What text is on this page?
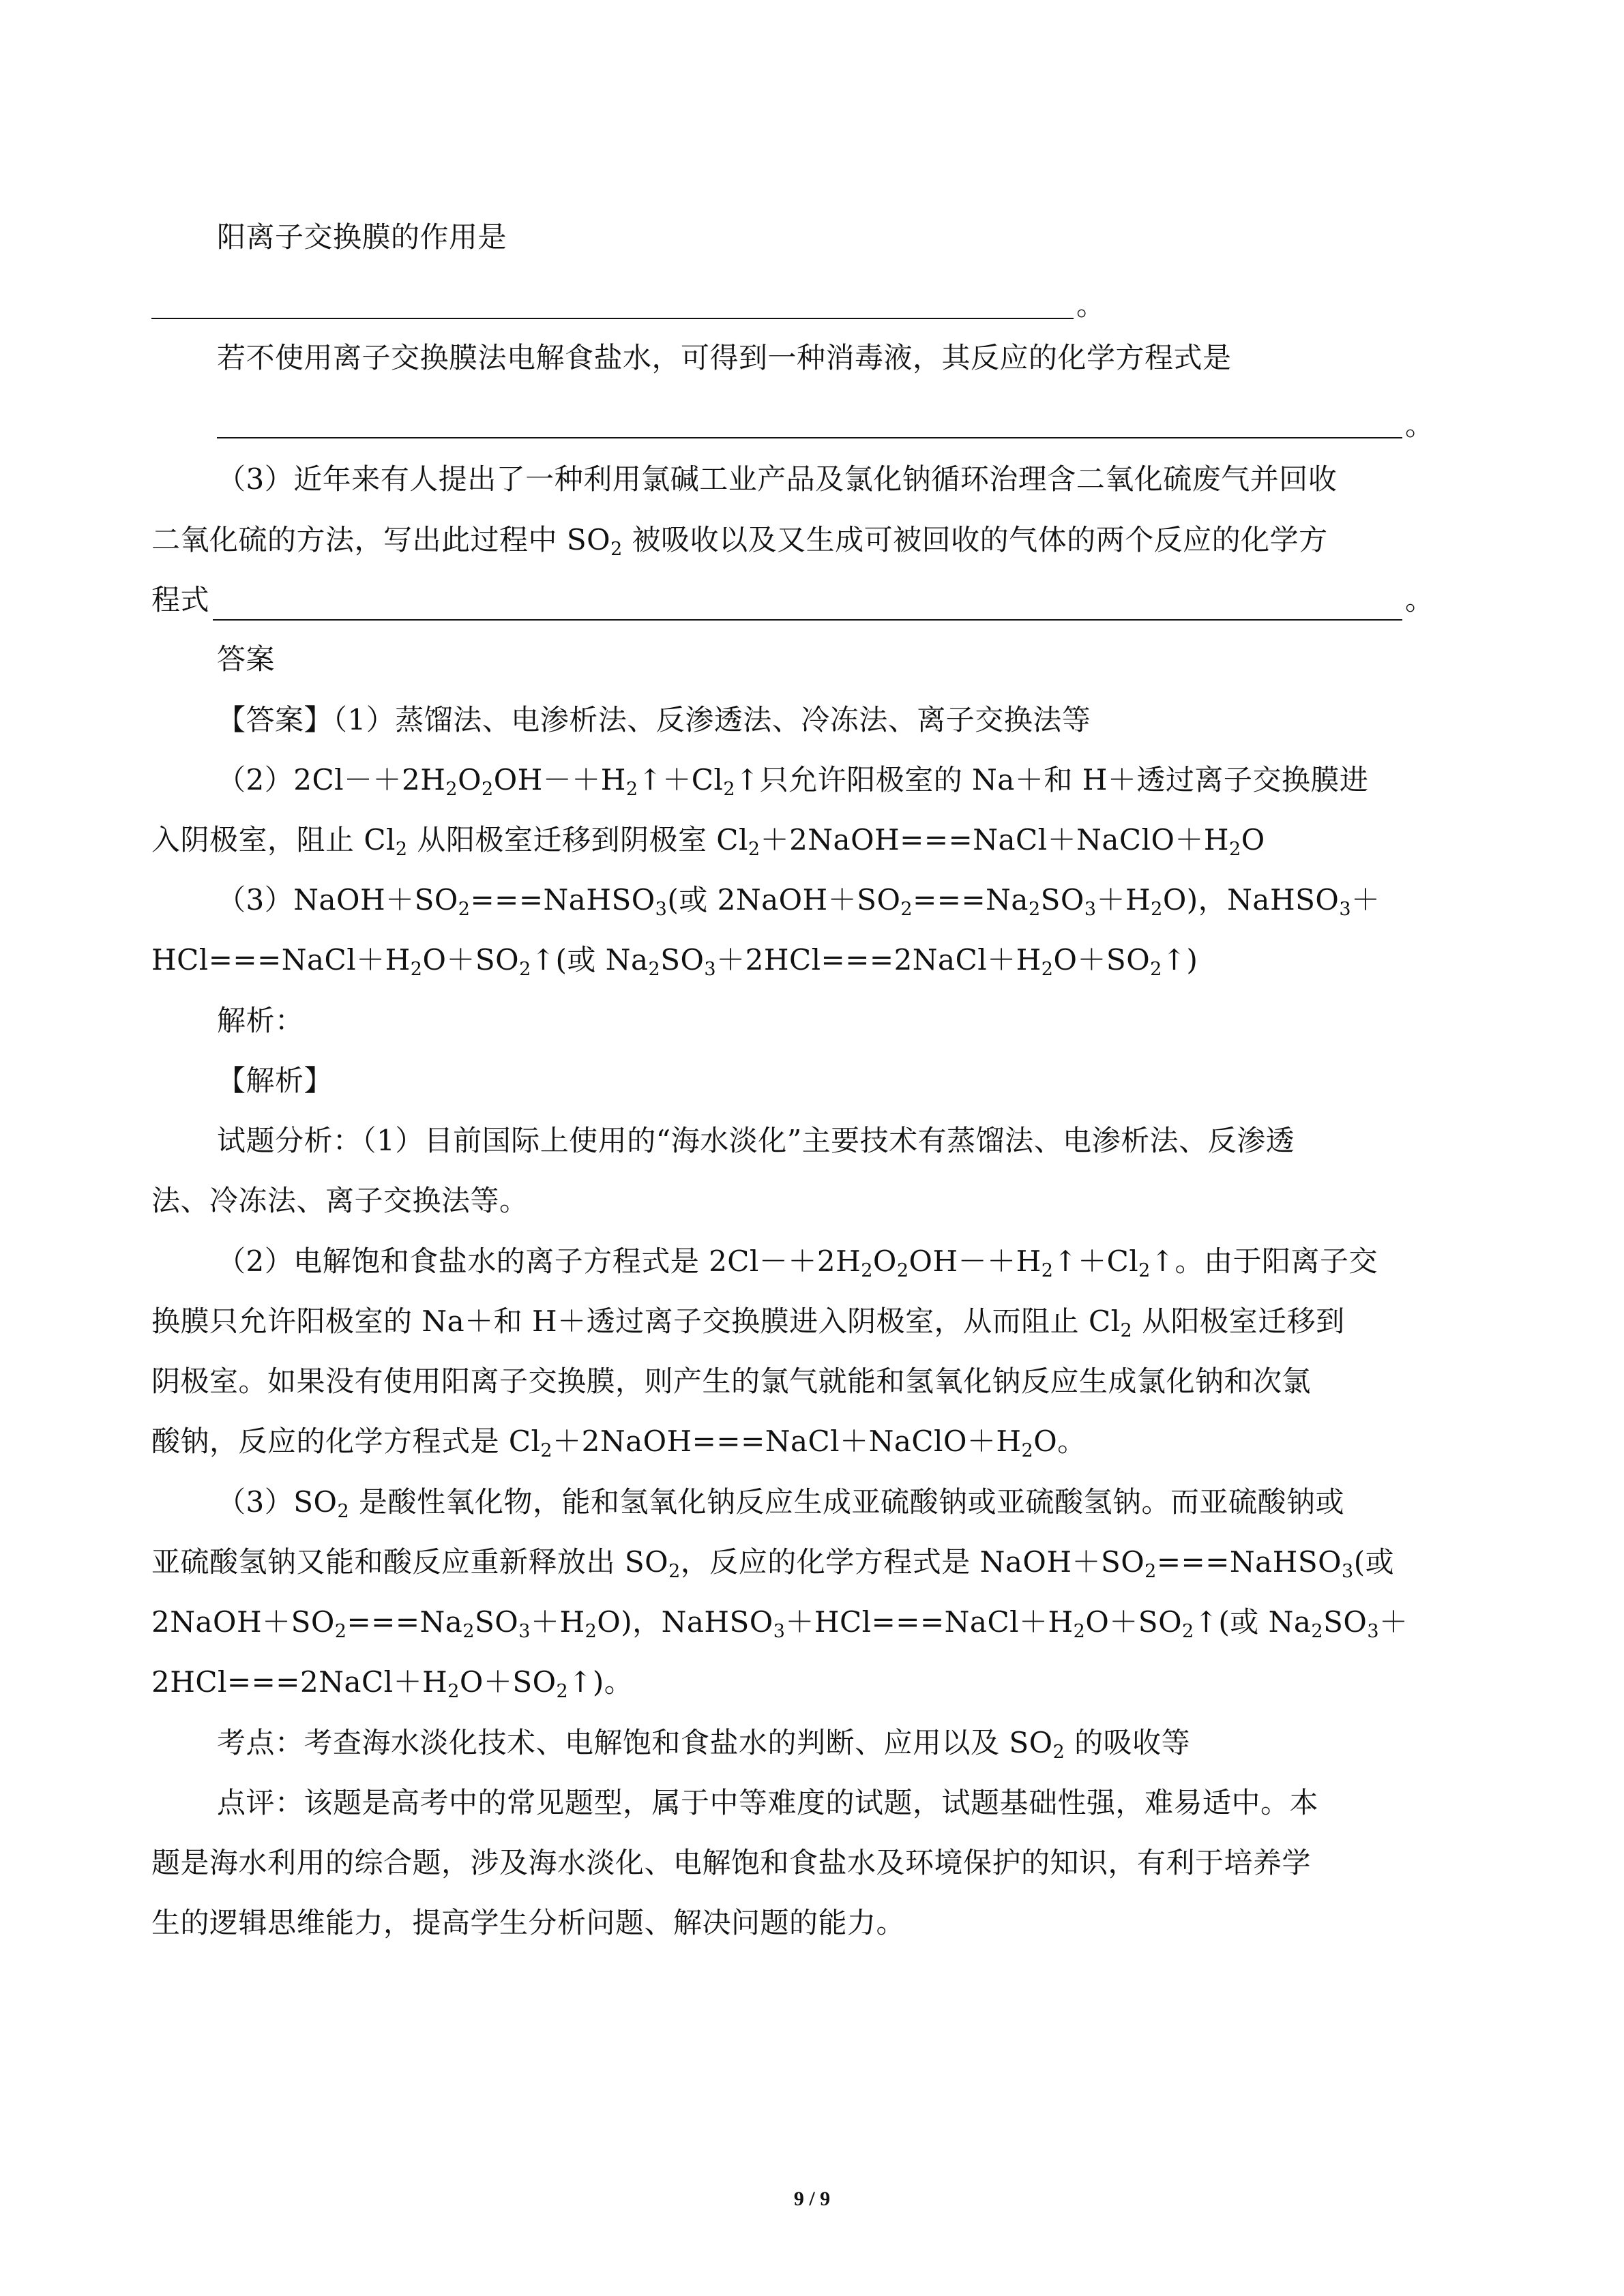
阳离子交换膜的作用是
。
若不使用离子交换膜法电解食盐水，可得到一种消毒液，其反应的化学方程式是
。
（3）近年来有人提出了一种利用氯碱工业产品及氯化钠循环治理含二氧化硫废气并回收
二氧化硫的方法，写出此过程中 $SO_2$ 被吸收以及又生成可被回收的气体的两个反应的化学方
程式	。
答案
【答案】（1）蒸馏法、电渗析法、反渗透法、冷冻法、离子交换法等
$(2)2Cl-+2H_2O_2OH-+H_2↑+Cl_2↑$只允许阳极室的 Na＋和 H＋透过离子交换膜进
入阴极室，阻止 $Cl_2$ 从阳极室迁移到阴极室 $Cl_2+2NaOH===NaCl+NaClO+H_2O$
$(3)NaOH+SO_2===NaHSO_3$(或 $2NaOH+SO_2===Na_2SO_3+H_2O$)，NaHSO$_3$＋
$HCl===NaCl+H_2O+SO_2↑$(或 $Na_2SO_3+2HCl===2NaCl+H_2O+SO_2↑$)
解析：
【解析】
试题分析：（1）目前国际上使用的“海水淡化”主要技术有蒸馏法、电渗析法、反渗透
法、冷冻法、离子交换法等。
（2）电解饱和食盐水的离子方程式是 $2Cl-+2H_2O_2OH-+H_2↑+Cl_2↑$。由于阳离子交
换膜只允许阳极室的 Na＋和 H＋透过离子交换膜进入阴极室，从而阻止 $Cl_2$ 从阳极室迁移到
阴极室。如果没有使用阳离子交换膜，则产生的氯气就能和氢氧化钠反应生成氯化钠和次氯
酸钠，反应的化学方程式是 $Cl_2+2NaOH===NaCl+NaClO+H_2O$。
$(3)SO_2$ 是酸性氧化物，能和氢氧化钠反应生成亚硫酸钠或亚硫酸氢钠。而亚硫酸钠或
亚硫酸氢钠又能和酸反应重新释放出 $SO_2$，反应的化学方程式是 $NaOH+SO_2===NaHSO_3$(或
$2NaOH+SO_2===Na_2SO_3+H_2O$)，$NaHSO_3+HCl===NaCl+H_2O+SO_2↑$(或 $Na_2SO_3+$
$2HCl===2NaCl+H_2O+SO_2↑$)。
考点：考查海水淡化技术、电解饱和食盐水的判断、应用以及 $SO_2$ 的吸收等
点评：该题是高考中的常见题型，属于中等难度的试题，试题基础性强，难易适中。本
题是海水利用的综合题，涉及海水淡化、电解饱和食盐水及环境保护的知识，有利于培养学
生的逻辑思维能力，提高学生分析问题、解决问题的能力。
9 / 9
